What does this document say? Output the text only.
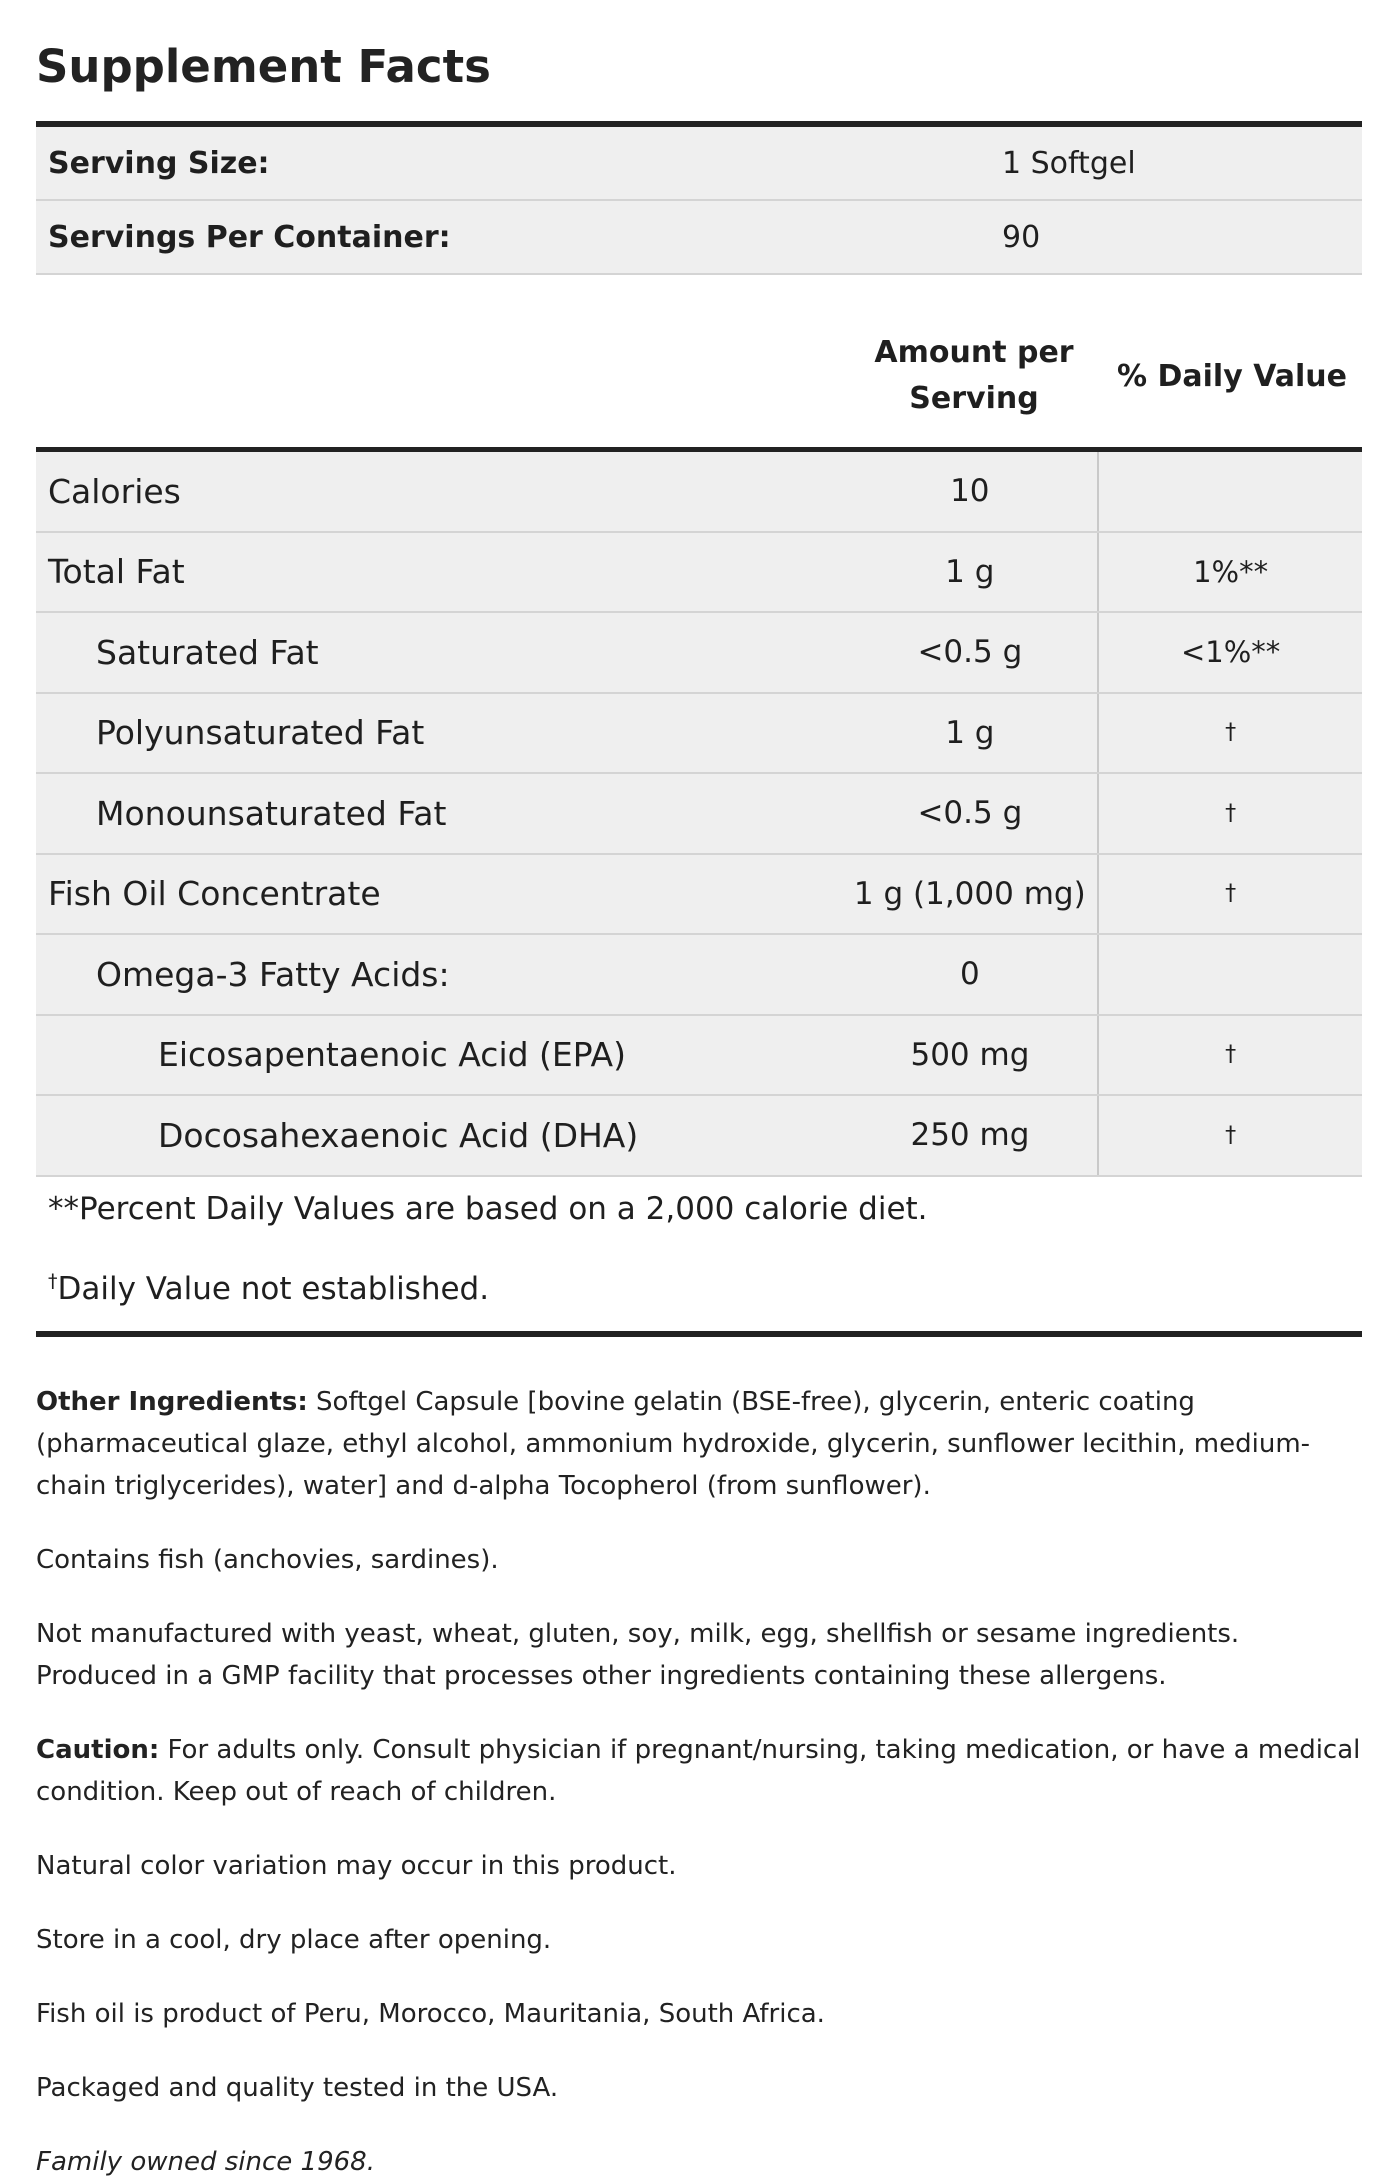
Supplement Facts
Serving Size:	1 Softgel
Servings Per Container:	90
Amount per Serving
% Daily Value
Calories	10
Total Fat	1 g	1%**
Saturated Fat	<0.5 g	<1%**
Polyunsaturated Fat	1 g	†
Monounsaturated Fat	<0.5 g	†
Fish Oil Concentrate	1 g (1,000 mg)	†
Omega-3 Fatty Acids:	0
Eicosapentaenoic Acid (EPA)	500 mg	†
Docosahexaenoic Acid (DHA)	250 mg	†

**Percent Daily Values are based on a 2,000 calorie diet.

†Daily Value not established.

Other Ingredients: Softgel Capsule [bovine gelatin (BSE-free), glycerin, enteric coating (pharmaceutical glaze, ethyl alcohol, ammonium hydroxide, glycerin, sunflower lecithin, medium-chain triglycerides), water] and d-alpha Tocopherol (from sunflower).

Contains fish (anchovies, sardines).

Not manufactured with yeast, wheat, gluten, soy, milk, egg, shellfish or sesame ingredients. Produced in a GMP facility that processes other ingredients containing these allergens.

Caution: For adults only. Consult physician if pregnant/nursing, taking medication, or have a medical condition. Keep out of reach of children.

Natural color variation may occur in this product.

Store in a cool, dry place after opening.

Fish oil is product of Peru, Morocco, Mauritania, South Africa.

Packaged and quality tested in the USA.

Family owned since 1968.
